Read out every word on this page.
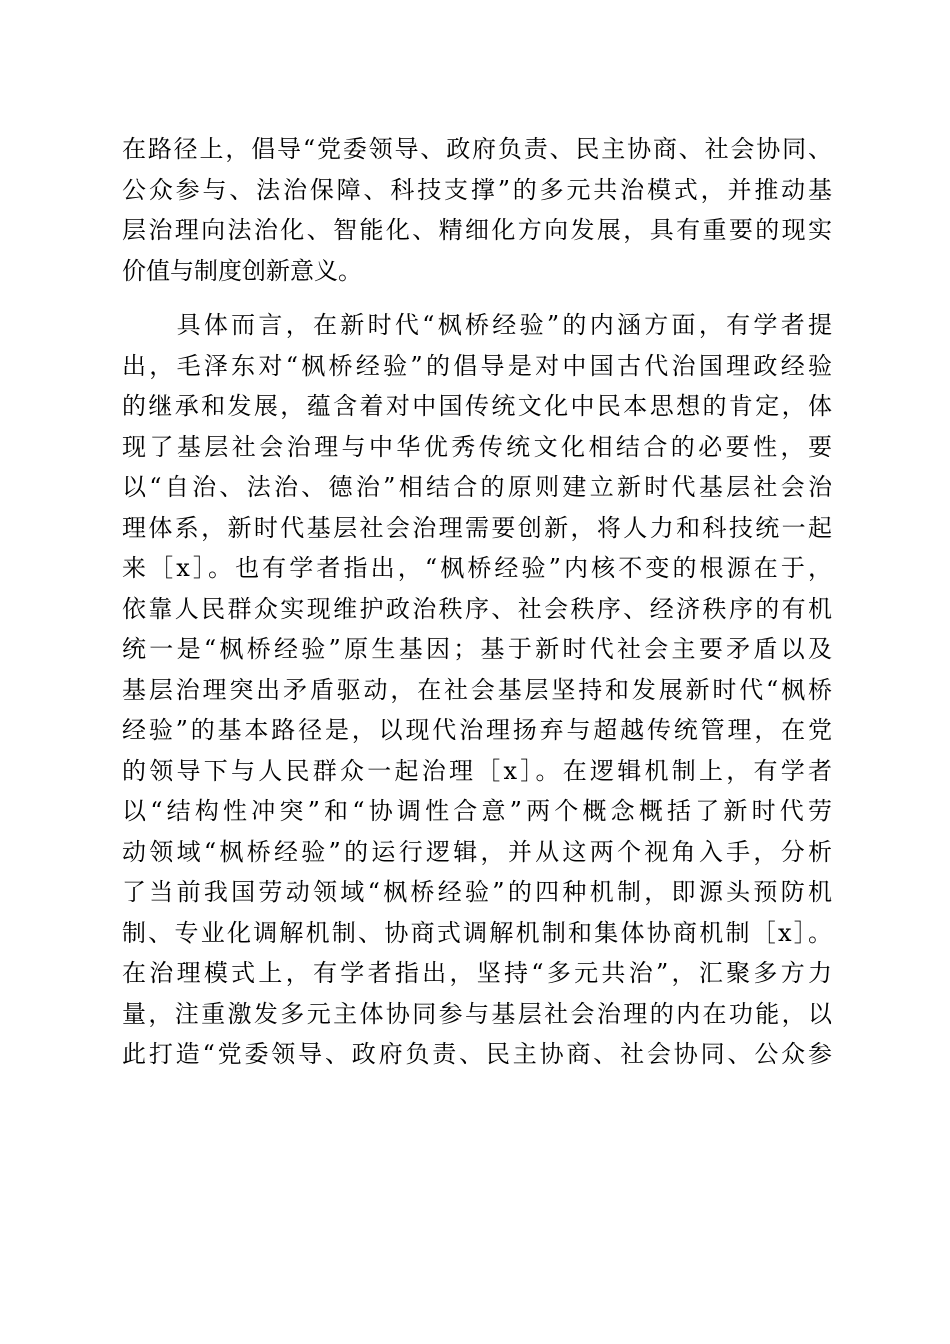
在路径上，倡导“党委领导、政府负责、民主协商、社会协同、
公众参与、法治保障、科技支撑”的多元共治模式，并推动基
层治理向法治化、智能化、精细化方向发展，具有重要的现实
价值与制度创新意义。
　　具体而言，在新时代“枫桥经验”的内涵方面，有学者提
出，毛泽东对“枫桥经验”的倡导是对中国古代治国理政经验
的继承和发展，蕴含着对中国传统文化中民本思想的肯定，体
现了基层社会治理与中华优秀传统文化相结合的必要性，要
以“自治、法治、德治”相结合的原则建立新时代基层社会治
理体系，新时代基层社会治理需要创新，将人力和科技统一起
来［x］。也有学者指出，“枫桥经验”内核不变的根源在于，
依靠人民群众实现维护政治秩序、社会秩序、经济秩序的有机
统一是“枫桥经验”原生基因；基于新时代社会主要矛盾以及
基层治理突出矛盾驱动，在社会基层坚持和发展新时代“枫桥
经验”的基本路径是，以现代治理扬弃与超越传统管理，在党
的领导下与人民群众一起治理［x］。在逻辑机制上，有学者
以“结构性冲突”和“协调性合意”两个概念概括了新时代劳
动领域“枫桥经验”的运行逻辑，并从这两个视角入手，分析
了当前我国劳动领域“枫桥经验”的四种机制，即源头预防机
制、专业化调解机制、协商式调解机制和集体协商机制［x］。
在治理模式上，有学者指出，坚持“多元共治”，汇聚多方力
量，注重激发多元主体协同参与基层社会治理的内在功能，以
此打造“党委领导、政府负责、民主协商、社会协同、公众参
